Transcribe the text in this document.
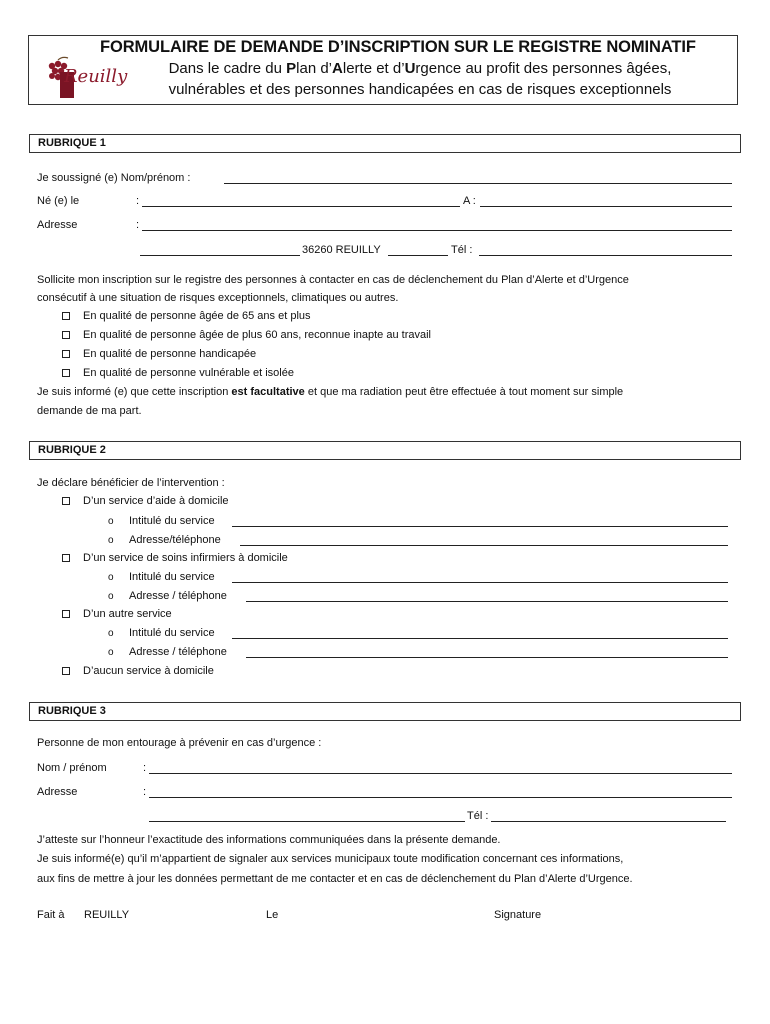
Reuilly
FORMULAIRE DE DEMANDE D’INSCRIPTION SUR LE REGISTRE NOMINATIF
Dans le cadre du Plan d’Alerte et d’Urgence au profit des personnes âgées,
vulnérables et des personnes handicapées en cas de risques exceptionnels
RUBRIQUE 1
Je soussigné (e) Nom/prénom :
Né (e) le	:	A :
Adresse	:
36260 REUILLY	Tél :
Sollicite mon inscription sur le registre des personnes à contacter en cas de déclenchement du Plan d’Alerte et d’Urgence
consécutif à une situation de risques exceptionnels, climatiques ou autres.
En qualité de personne âgée de 65 ans et plus
En qualité de personne âgée de plus 60 ans, reconnue inapte au travail
En qualité de personne handicapée
En qualité de personne vulnérable et isolée
Je suis informé (e) que cette inscription est facultative et que ma radiation peut être effectuée à tout moment sur simple
demande de ma part.
RUBRIQUE 2
Je déclare bénéficier de l’intervention :
D’un service d’aide à domicile
o Intitulé du service
o Adresse/téléphone
D’un service de soins infirmiers à domicile
o Intitulé du service
o Adresse / téléphone
D’un autre service
o Intitulé du service
o Adresse / téléphone
D’aucun service à domicile
RUBRIQUE 3
Personne de mon entourage à prévenir en cas d’urgence :
Nom / prénom	:
Adresse	:
Tél :
J’atteste sur l’honneur l’exactitude des informations communiquées dans la présente demande.
Je suis informé(e) qu’il m’appartient de signaler aux services municipaux toute modification concernant ces informations,
aux fins de mettre à jour les données permettant de me contacter et en cas de déclenchement du Plan d’Alerte d’Urgence.
Fait à REUILLY	Le	Signature
